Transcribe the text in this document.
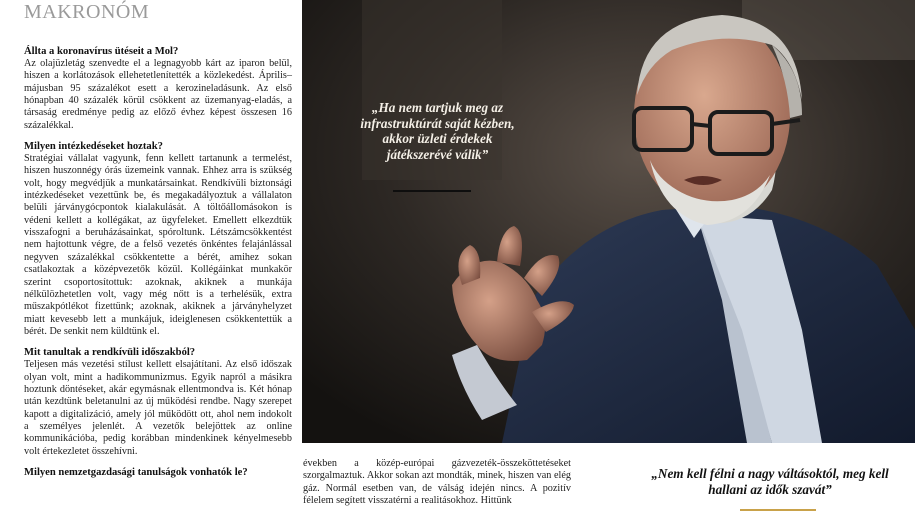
MAKRONÓM
Állta a koronavírus ütéseit a Mol?
Az olajüzletág szenvedte el a legnagyobb kárt az iparon belül, hiszen a korlátozások ellehetetlenítették a közlekedést. Április–májusban 95 százalékot esett a kerozineladásunk. Az első hónapban 40 százalék körül csökkent az üzemanyag-eladás, a társaság eredménye pedig az előző évhez képest összesen 16 százalékkal.
Milyen intézkedéseket hoztak?
Stratégiai vállalat vagyunk, fenn kellett tartanunk a termelést, hiszen huszonnégy órás üzemeink vannak. Ehhez arra is szükség volt, hogy megvédjük a munkatársainkat. Rendkívüli biztonsági intézkedéseket vezettünk be, és megakadályoztuk a vállalaton belüli járványgócpontok kialakulását. A töltőállomásokon is védeni kellett a kollégákat, az ügyfeleket. Emellett elkezdtük visszafogni a beruházásainkat, spóroltunk. Létszámcsökkentést nem hajtottunk végre, de a felső vezetés önkéntes felajánlással negyven százalékkal csökkentette a bérét, amihez sokan csatlakoztak a középvezetők közül. Kollégáinkat munkakör szerint csoportosítottuk: azoknak, akiknek a munkája nélkülözhetetlen volt, vagy még nőtt is a terhelésük, extra műszakpótlékot fizettünk; azoknak, akiknek a járványhelyzet miatt kevesebb lett a munkájuk, ideiglenesen csökkentettük a bérét. De senkit nem küldtünk el.
Mit tanultak a rendkívüli időszakból?
Teljesen más vezetési stílust kellett elsajátítani. Az első időszak olyan volt, mint a hadikommunizmus. Egyik napról a másikra hoztunk döntéseket, akár egymásnak ellentmondva is. Két hónap után kezdtünk beletanulni az új működési rendbe. Nagy szerepet kapott a digitalizáció, amely jól működött ott, ahol nem indokolt a személyes jelenlét. A vezetők belejöttek az online kommunikációba, pedig korábban mindenkinek kényelmesebb volt értekezletet összehívni.
Milyen nemzetgazdasági tanulságok vonhatók le?
„Ha nem tartjuk meg az infrastruktúrát saját kézben, akkor üzleti érdekek játékszerévé válik”
években a közép-európai gázvezeték-összeköttetéseket szorgalmaztuk. Akkor sokan azt mondták, minek, hiszen van elég gáz. Normál esetben van, de válság idején nincs. A pozitív félelem segített visszatérni a realitásokhoz. Hittünk
„Nem kell félni a nagy váltásoktól, meg kell hallani az idők szavát”
